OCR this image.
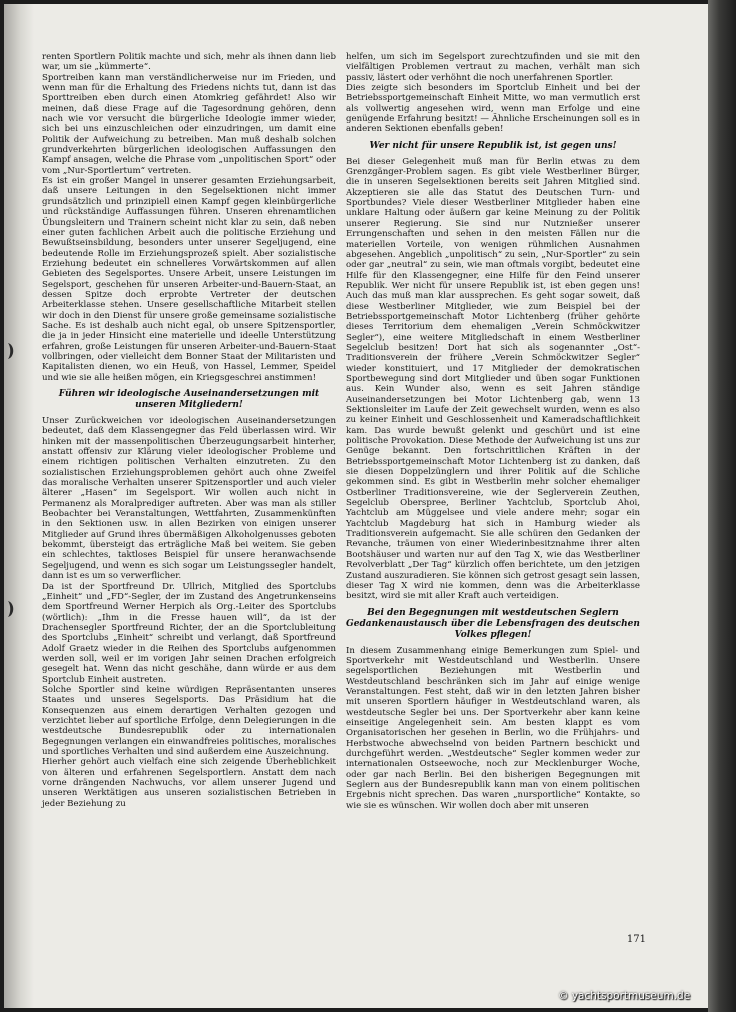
renten Sportlern Politik machte und sich, mehr als ihnen dann lieb war, um sie „kümmerte“.

Sportreiben kann man verständlicherweise nur im Frieden, und wenn man für die Erhaltung des Friedens nichts tut, dann ist das Sporttreiben eben durch einen Atomkrieg gefährdet! Also wir meinen, daß diese Frage auf die Tagesordnung gehören, denn nach wie vor versucht die bürgerliche Ideologie immer wieder, sich bei uns einzuschleichen oder einzudringen, um damit eine Politik der Aufweichung zu betreiben. Man muß deshalb solchen grundverkehrten bürgerlichen ideologischen Auffassungen den Kampf ansagen, welche die Phrase vom „unpolitischen Sport“ oder vom „Nur-Sportlertum“ vertreten.

Es ist ein großer Mangel in unserer gesamten Erziehungsarbeit, daß unsere Leitungen in den Segelsektionen nicht immer grundsätzlich und prinzipiell einen Kampf gegen kleinbürgerliche und rückständige Auffassungen führen. Unseren ehrenamtlichen Übungsleitern und Trainern scheint nicht klar zu sein, daß neben einer guten fachlichen Arbeit auch die politische Erziehung und Bewußtseinsbildung, besonders unter unserer Segeljugend, eine bedeutende Rolle im Erziehungsprozeß spielt. Aber sozialistische Erziehung bedeutet ein schnelleres Vorwärtskommen auf allen Gebieten des Segelsportes. Unsere Arbeit, unsere Leistungen im Segelsport, geschehen für unseren Arbeiter-und-Bauern-Staat, an dessen Spitze doch erprobte Vertreter der deutschen Arbeiterklasse stehen. Unsere gesellschaftliche Mitarbeit stellen wir doch in den Dienst für unsere große gemeinsame sozialistische Sache. Es ist deshalb auch nicht egal, ob unsere Spitzensportler, die ja in jeder Hinsicht eine materielle und ideelle Unterstützung erfahren, große Leistungen für unseren Arbeiter-und-Bauern-Staat vollbringen, oder vielleicht dem Bonner Staat der Militaristen und Kapitalisten dienen, wo ein Heuß, von Hassel, Lemmer, Speidel und wie sie alle heißen mögen, ein Kriegsgeschrei anstimmen!

Führen wir ideologische Auseinandersetzungen mit unseren Mitgliedern!

Unser Zurückweichen vor ideologischen Auseinandersetzungen bedeutet, daß dem Klassengegner das Feld überlassen wird. Wir hinken mit der massenpolitischen Überzeugungsarbeit hinterher, anstatt offensiv zur Klärung vieler ideologischer Probleme und einem richtigen politischen Verhalten einzutreten. Zu den sozialistischen Erziehungsproblemen gehört auch ohne Zweifel das moralische Verhalten unserer Spitzensportler und auch vieler älterer „Hasen“ im Segelsport. Wir wollen auch nicht in Permanenz als Moralprediger auftreten. Aber was man als stiller Beobachter bei Veranstaltungen, Wettfahrten, Zusammenkünften in den Sektionen usw. in allen Bezirken von einigen unserer Mitglieder auf Grund ihres übermäßigen Alkoholgenusses geboten bekommt, übersteigt das erträgliche Maß bei weitem. Sie geben ein schlechtes, taktloses Beispiel für unsere heranwachsende Segeljugend, und wenn es sich sogar um Leistungssegler handelt, dann ist es um so verwerflicher.

Da ist der Sportfreund Dr. Ullrich, Mitglied des Sportclubs „Einheit“ und „FD“-Segler, der im Zustand des Angetrunkenseins dem Sportfreund Werner Herpich als Org.-Leiter des Sportclubs (wörtlich): „Ihm in die Fresse hauen will“, da ist der Drachensegler Sportfreund Richter, der an die Sportclubleitung des Sportclubs „Einheit“ schreibt und verlangt, daß Sportfreund Adolf Graetz wieder in die Reihen des Sportclubs aufgenommen werden soll, weil er im vorigen Jahr seinen Drachen erfolgreich gesegelt hat. Wenn das nicht geschähe, dann würde er aus dem Sportclub Einheit austreten.

Solche Sportler sind keine würdigen Repräsentanten unseres Staates und unseres Segelsports. Das Präsidium hat die Konsequenzen aus einem derartigen Verhalten gezogen und verzichtet lieber auf sportliche Erfolge, denn Delegierungen in die westdeutsche Bundesrepublik oder zu internationalen Begegnungen verlangen ein einwandfreies politisches, moralisches und sportliches Verhalten und sind außerdem eine Auszeichnung.

Hierher gehört auch vielfach eine sich zeigende Überheblichkeit von älteren und erfahrenen Segelsportlern. Anstatt dem nach vorne drängenden Nachwuchs, vor allem unserer Jugend und unseren Werktätigen aus unseren sozialistischen Betrieben in jeder Beziehung zu

helfen, um sich im Segelsport zurechtzufinden und sie mit den vielfältigen Problemen vertraut zu machen, verhält man sich passiv, lästert oder verhöhnt die noch unerfahrenen Sportler.

Dies zeigte sich besonders im Sportclub Einheit und bei der Betriebssportgemeinschaft Einheit Mitte, wo man vermutlich erst als vollwertig angesehen wird, wenn man Erfolge und eine genügende Erfahrung besitzt! — Ähnliche Erscheinungen soll es in anderen Sektionen ebenfalls geben!

Wer nicht für unsere Republik ist, ist gegen uns!

Bei dieser Gelegenheit muß man für Berlin etwas zu dem Grenzgänger-Problem sagen. Es gibt viele Westberliner Bürger, die in unseren Segelsektionen bereits seit Jahren Mitglied sind. Akzeptieren sie alle das Statut des Deutschen Turn- und Sportbundes? Viele dieser Westberliner Mitglieder haben eine unklare Haltung oder äußern gar keine Meinung zu der Politik unserer Regierung. Sie sind nur Nutznießer unserer Errungenschaften und sehen in den meisten Fällen nur die materiellen Vorteile, von wenigen rühmlichen Ausnahmen abgesehen. Angeblich „unpolitisch“ zu sein, „Nur-Sportler“ zu sein oder gar „neutral“ zu sein, wie man oftmals vorgibt, bedeutet eine Hilfe für den Klassengegner, eine Hilfe für den Feind unserer Republik. Wer nicht für unsere Republik ist, ist eben gegen uns! Auch das muß man klar aussprechen. Es geht sogar soweit, daß diese Westberliner Mitglieder, wie zum Beispiel bei der Betriebssportgemeinschaft Motor Lichtenberg (früher gehörte dieses Territorium dem ehemaligen „Verein Schmöckwitzer Segler“), eine weitere Mitgliedschaft in einem Westberliner Segelclub besitzen! Dort hat sich als sogenannter „Ost“-Traditionsverein der frühere „Verein Schmöckwitzer Segler“ wieder konstituiert, und 17 Mitglieder der demokratischen Sportbewegung sind dort Mitglieder und üben sogar Funktionen aus. Kein Wunder also, wenn es seit Jahren ständige Auseinandersetzungen bei Motor Lichtenberg gab, wenn 13 Sektionsleiter im Laufe der Zeit gewechselt wurden, wenn es also zu keiner Einheit und Geschlossenheit und Kameradschaftlichkeit kam. Das wurde bewußt gelenkt und geschürt und ist eine politische Provokation. Diese Methode der Aufweichung ist uns zur Genüge bekannt. Den fortschrittlichen Kräften in der Betriebssportgemeinschaft Motor Lichtenberg ist zu danken, daß sie diesen Doppelzünglern und ihrer Politik auf die Schliche gekommen sind. Es gibt in Westberlin mehr solcher ehemaliger Ostberliner Traditionsvereine, wie der Seglerverein Zeuthen, Segelclub Oberspree, Berliner Yachtclub, Sportclub Ahoi, Yachtclub am Müggelsee und viele andere mehr; sogar ein Yachtclub Magdeburg hat sich in Hamburg wieder als Traditionsverein aufgemacht. Sie alle schüren den Gedanken der Revanche, träumen von einer Wiederinbesitznahme ihrer alten Bootshäuser und warten nur auf den Tag X, wie das Westberliner Revolverblatt „Der Tag“ kürzlich offen berichtete, um den jetzigen Zustand auszuradieren. Sie können sich getrost gesagt sein lassen, dieser Tag X wird nie kommen, denn was die Arbeiterklasse besitzt, wird sie mit aller Kraft auch verteidigen.

Bei den Begegnungen mit westdeutschen Seglern Gedankenaustausch über die Lebensfragen des deutschen Volkes pflegen!

In diesem Zusammenhang einige Bemerkungen zum Spiel- und Sportverkehr mit Westdeutschland und Westberlin. Unsere segelsportlichen Beziehungen mit Westberlin und Westdeutschland beschränken sich im Jahr auf einige wenige Veranstaltungen. Fest steht, daß wir in den letzten Jahren bisher mit unseren Sportlern häufiger in Westdeutschland waren, als westdeutsche Segler bei uns. Der Sportverkehr aber kann keine einseitige Angelegenheit sein. Am besten klappt es vom Organisatorischen her gesehen in Berlin, wo die Frühjahrs- und Herbstwoche abwechselnd von beiden Partnern beschickt und durchgeführt werden. „Westdeutsche“ Segler kommen weder zur internationalen Ostseewoche, noch zur Mecklenburger Woche, oder gar nach Berlin. Bei den bisherigen Begegnungen mit Seglern aus der Bundesrepublik kann man von einem politischen Ergebnis nicht sprechen. Das waren „nursportliche“ Kontakte, so wie sie es wünschen. Wir wollen doch aber mit unseren

171
© yachtsportmuseum.de
